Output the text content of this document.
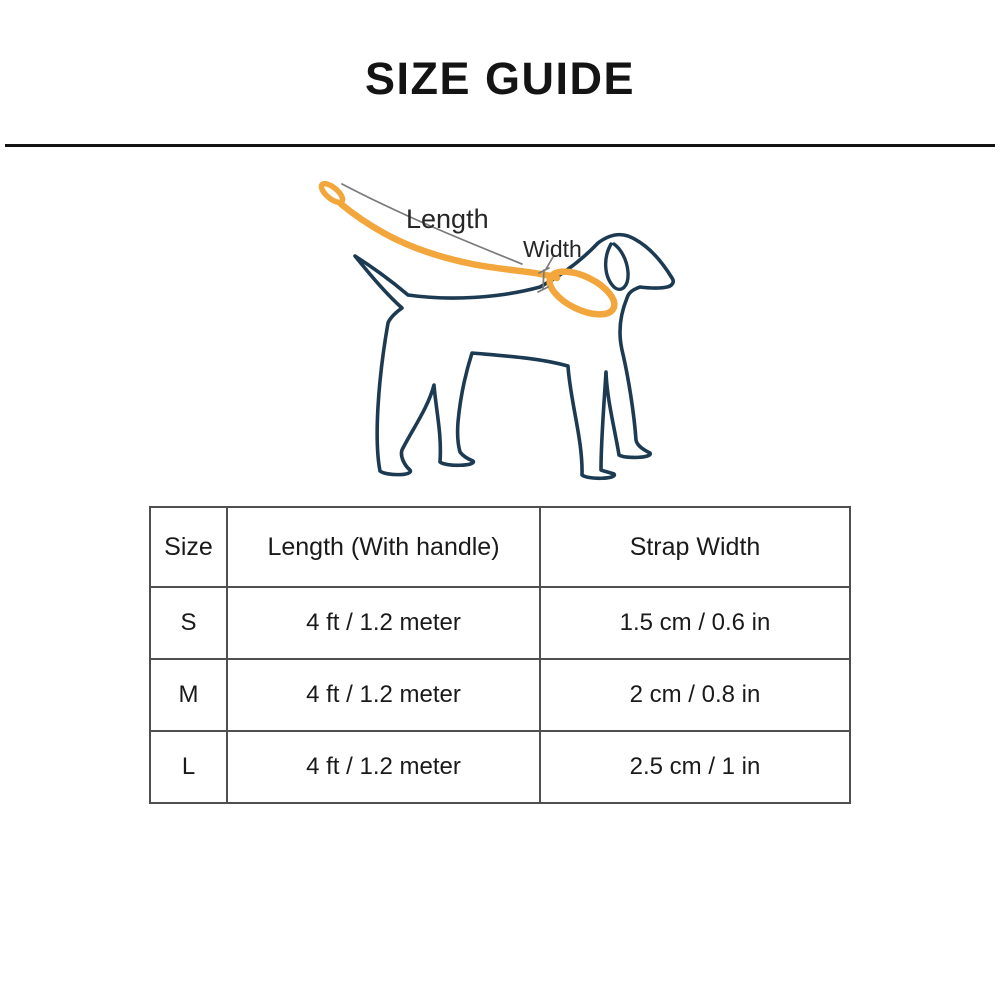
SIZE GUIDE
Length
Width
Size	Length (With handle)	Strap Width
S	4 ft / 1.2 meter	1.5 cm / 0.6 in
M	4 ft / 1.2 meter	2 cm / 0.8 in
L	4 ft / 1.2 meter	2.5 cm / 1 in
